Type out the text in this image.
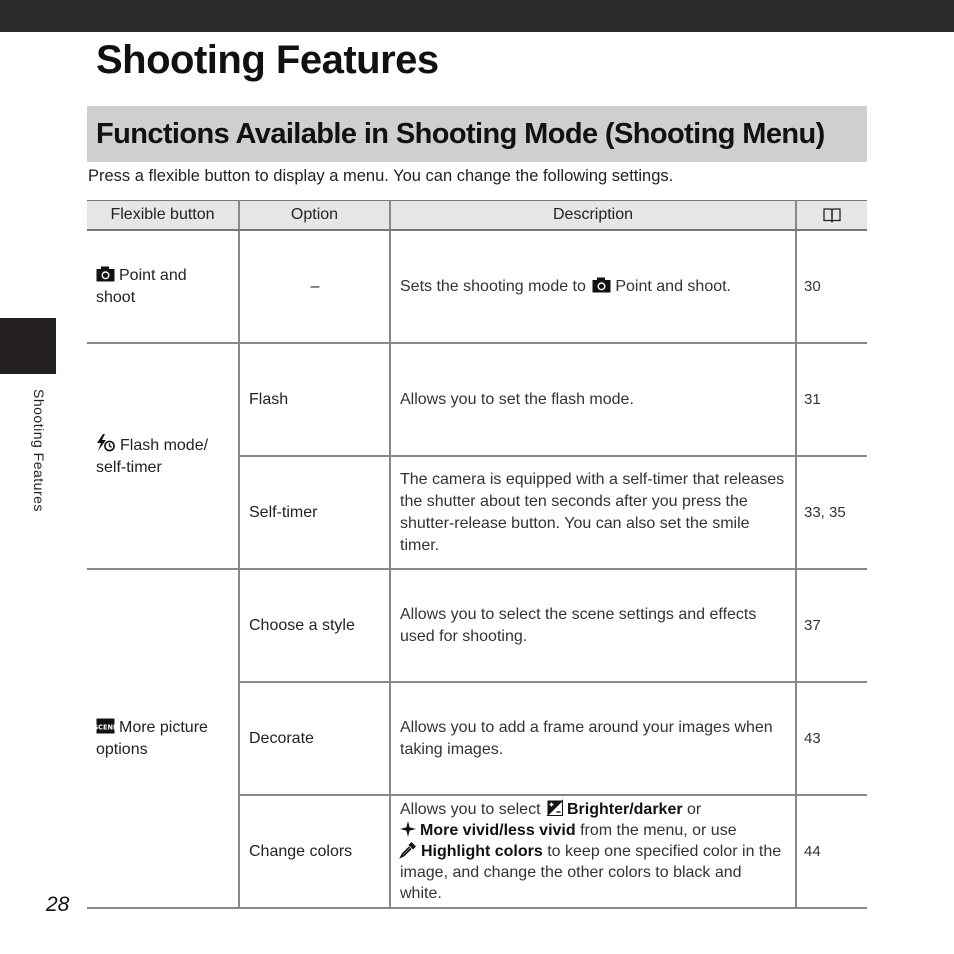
Shooting Features
Shooting Features
Functions Available in Shooting Mode (Shooting Menu)

Press a flexible button to display a menu. You can change the following settings.

Flexible button	Option	Description	
Point and shoot	–	Sets the shooting mode to Point and shoot.	30
Flash mode/ self-timer	Flash	Allows you to set the flash mode.	31
	Self-timer	The camera is equipped with a self-timer that releases the shutter about ten seconds after you press the shutter-release button. You can also set the smile timer.	33, 35

SCENE More picture options	Choose a style	Allows you to select the scene settings and effects used for shooting.	37
	Decorate	Allows you to add a frame around your images when taking images.	43
	Change colors	Allows you to select Brighter/darker or
More vivid/less vivid from the menu, or use
Highlight colors to keep one specified color in the image, and change the other colors to black and white.	44
28
